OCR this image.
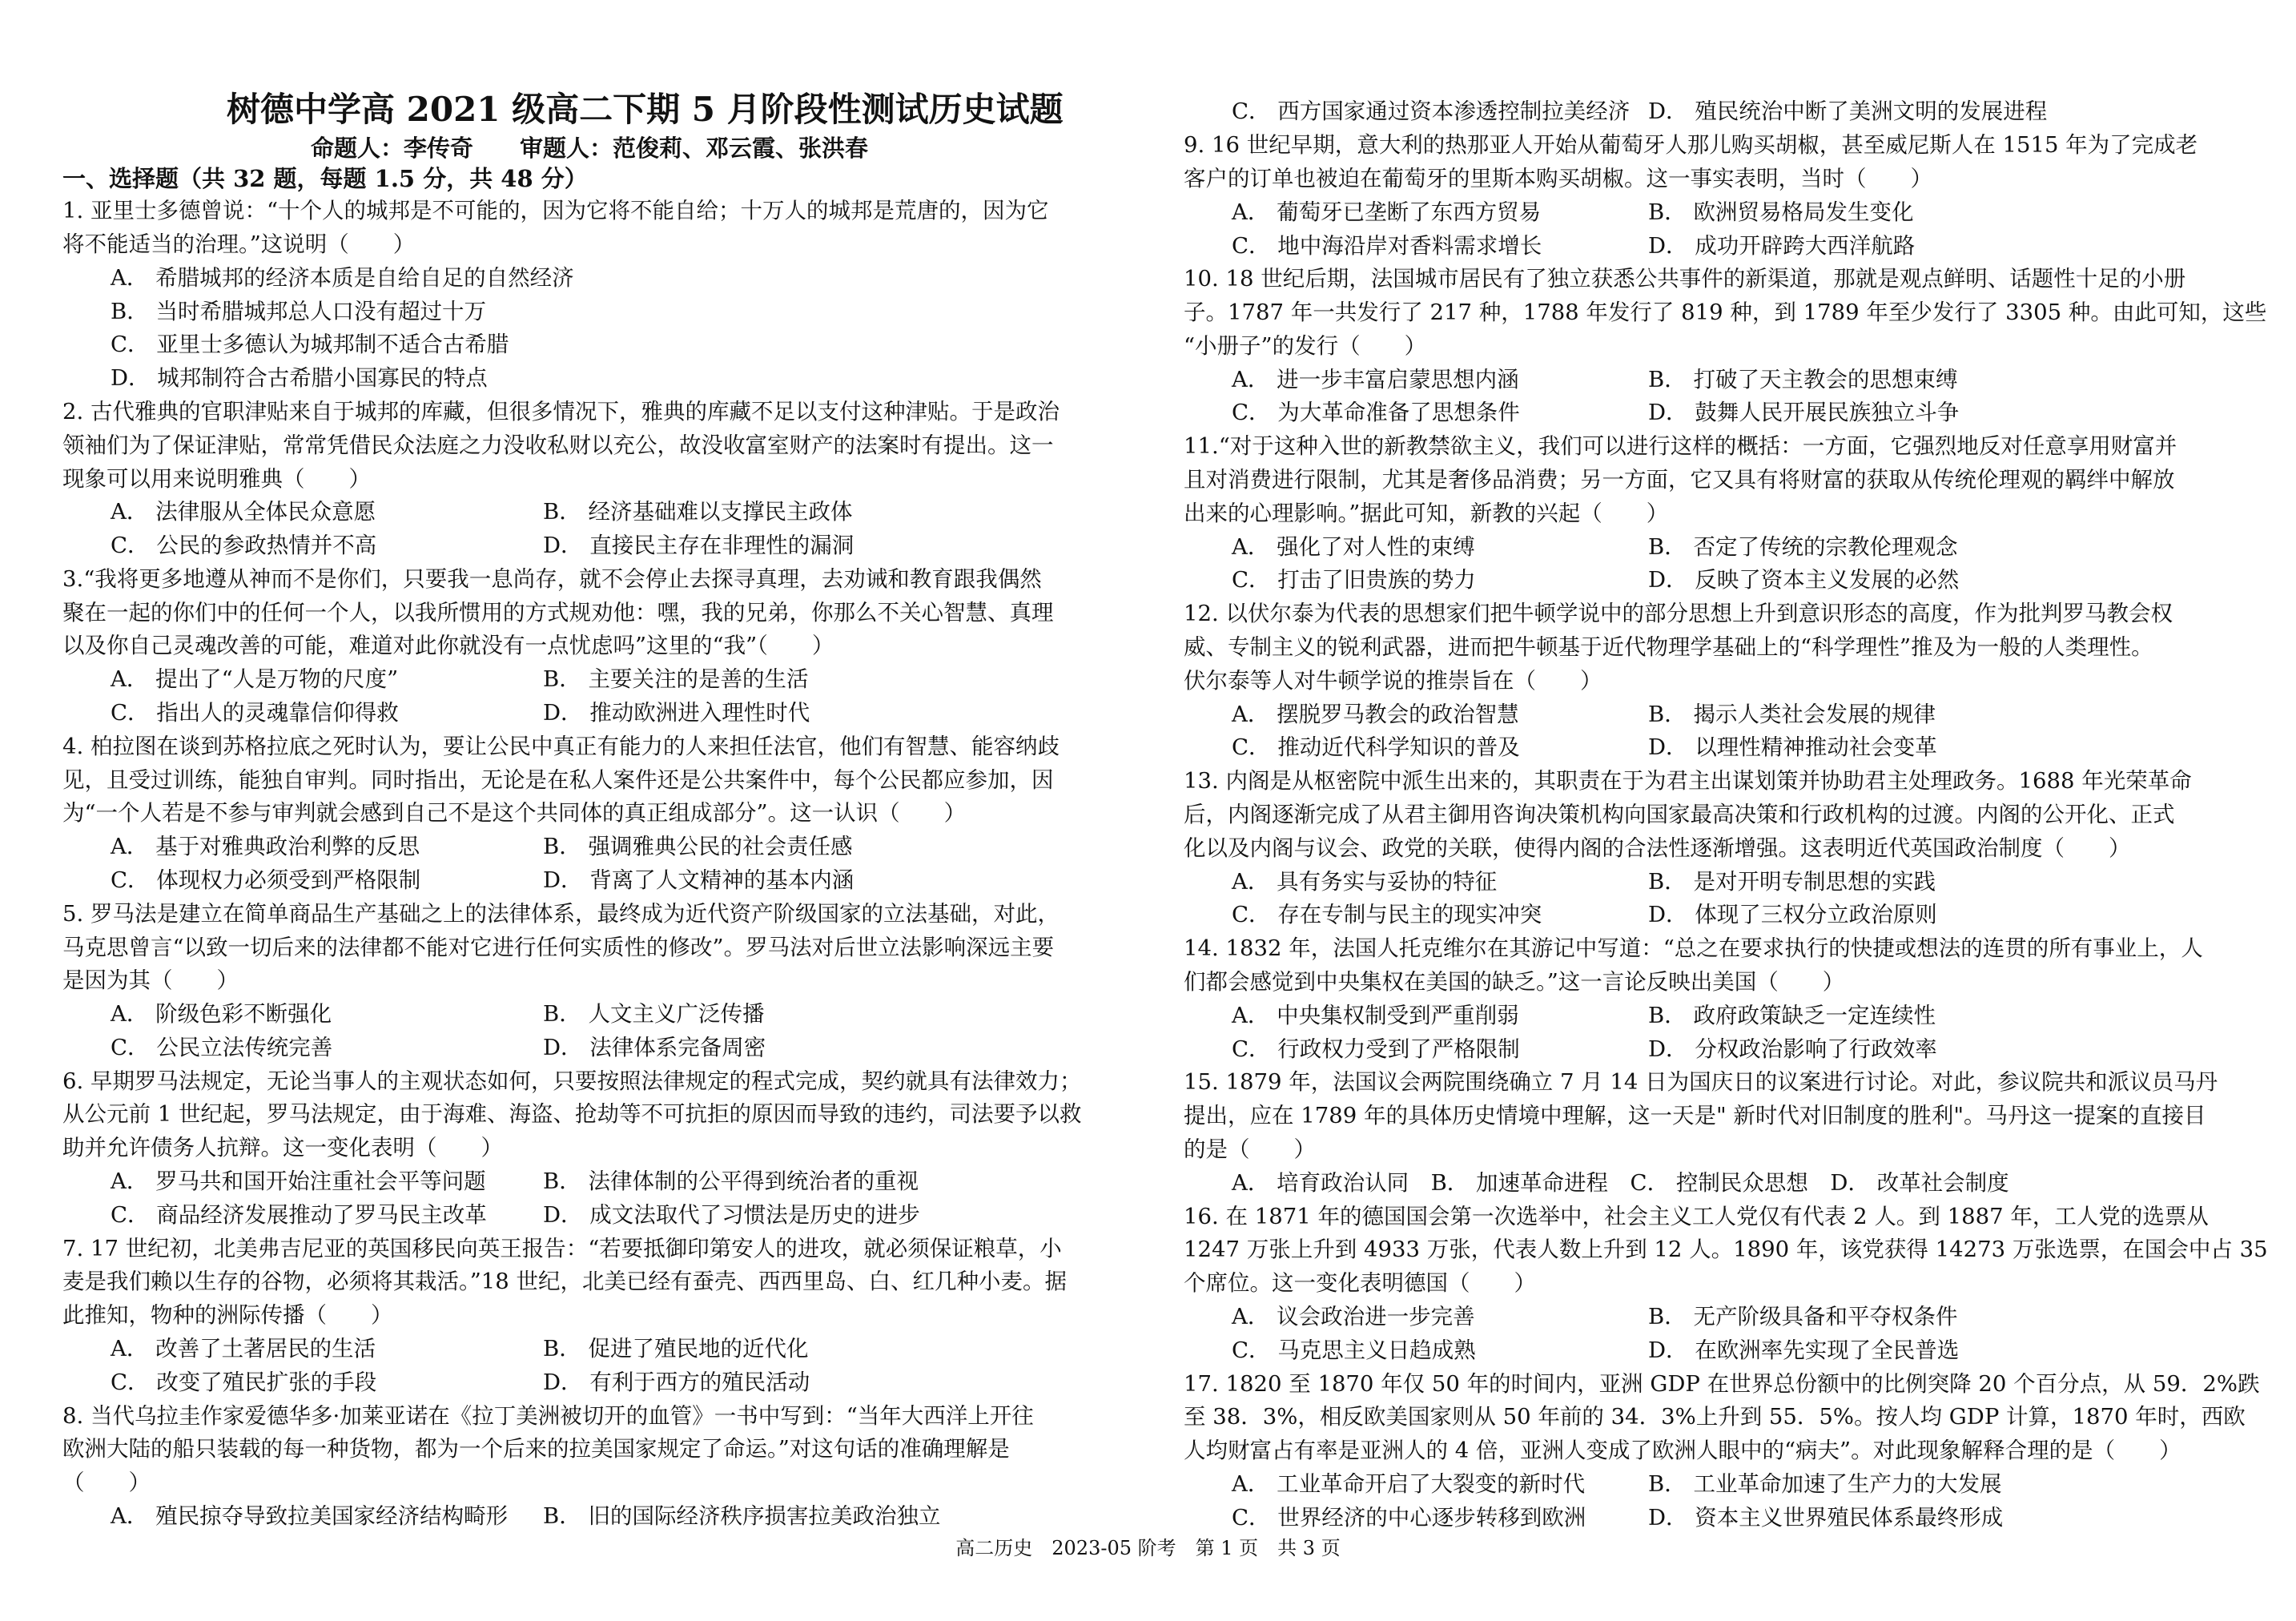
树德中学高 2021 级高二下期 5 月阶段性测试历史试题
命题人：李传奇　　审题人：范俊莉、邓云霞、张洪春
一、选择题（共 32 题，每题 1.5 分，共 48 分）
1. 亚里士多德曾说：“十个人的城邦是不可能的，因为它将不能自给；十万人的城邦是荒唐的，因为它
将不能适当的治理。”这说明（　　）
A． 希腊城邦的经济本质是自给自足的自然经济
B． 当时希腊城邦总人口没有超过十万
C． 亚里士多德认为城邦制不适合古希腊
D． 城邦制符合古希腊小国寡民的特点
2. 古代雅典的官职津贴来自于城邦的库藏，但很多情况下，雅典的库藏不足以支付这种津贴。于是政治
领袖们为了保证津贴，常常凭借民众法庭之力没收私财以充公，故没收富室财产的法案时有提出。这一
现象可以用来说明雅典（　　）
A． 法律服从全体民众意愿	B． 经济基础难以支撑民主政体
C． 公民的参政热情并不高	D． 直接民主存在非理性的漏洞
3.“我将更多地遵从神而不是你们，只要我一息尚存，就不会停止去探寻真理，去劝诫和教育跟我偶然
聚在一起的你们中的任何一个人，以我所惯用的方式规劝他：嘿，我的兄弟，你那么不关心智慧、真理
以及你自己灵魂改善的可能，难道对此你就没有一点忧虑吗”这里的“我”（　　）
A． 提出了“人是万物的尺度”	B． 主要关注的是善的生活
C． 指出人的灵魂靠信仰得救	D． 推动欧洲进入理性时代
4. 柏拉图在谈到苏格拉底之死时认为，要让公民中真正有能力的人来担任法官，他们有智慧、能容纳歧
见，且受过训练，能独自审判。同时指出，无论是在私人案件还是公共案件中，每个公民都应参加，因
为“一个人若是不参与审判就会感到自己不是这个共同体的真正组成部分”。这一认识（　　）
A． 基于对雅典政治利弊的反思	B． 强调雅典公民的社会责任感
C． 体现权力必须受到严格限制	D． 背离了人文精神的基本内涵
5. 罗马法是建立在简单商品生产基础之上的法律体系，最终成为近代资产阶级国家的立法基础，对此，
马克思曾言“以致一切后来的法律都不能对它进行任何实质性的修改”。罗马法对后世立法影响深远主要
是因为其（　　）
A． 阶级色彩不断强化	B． 人文主义广泛传播
C． 公民立法传统完善	D． 法律体系完备周密
6. 早期罗马法规定，无论当事人的主观状态如何，只要按照法律规定的程式完成，契约就具有法律效力；
从公元前 1 世纪起，罗马法规定，由于海难、海盗、抢劫等不可抗拒的原因而导致的违约，司法要予以救
助并允许债务人抗辩。这一变化表明（　　）
A． 罗马共和国开始注重社会平等问题	B． 法律体制的公平得到统治者的重视
C． 商品经济发展推动了罗马民主改革	D． 成文法取代了习惯法是历史的进步
7. 17 世纪初，北美弗吉尼亚的英国移民向英王报告：“若要抵御印第安人的进攻，就必须保证粮草，小
麦是我们赖以生存的谷物，必须将其栽活。”18 世纪，北美已经有蚕壳、西西里岛、白、红几种小麦。据
此推知，物种的洲际传播（　　）
A． 改善了土著居民的生活	B． 促进了殖民地的近代化
C． 改变了殖民扩张的手段	D． 有利于西方的殖民活动
8. 当代乌拉圭作家爱德华多·加莱亚诺在《拉丁美洲被切开的血管》一书中写到：“当年大西洋上开往
欧洲大陆的船只装载的每一种货物，都为一个后来的拉美国家规定了命运。”对这句话的准确理解是
（　　）
A． 殖民掠夺导致拉美国家经济结构畸形 B． 旧的国际经济秩序损害拉美政治独立
C． 西方国家通过资本渗透控制拉美经济 D． 殖民统治中断了美洲文明的发展进程
9. 16 世纪早期，意大利的热那亚人开始从葡萄牙人那儿购买胡椒，甚至威尼斯人在 1515 年为了完成老
客户的订单也被迫在葡萄牙的里斯本购买胡椒。这一事实表明，当时（　　）
A． 葡萄牙已垄断了东西方贸易	B． 欧洲贸易格局发生变化
C． 地中海沿岸对香料需求增长	D． 成功开辟跨大西洋航路
10. 18 世纪后期，法国城市居民有了独立获悉公共事件的新渠道，那就是观点鲜明、话题性十足的小册
子。1787 年一共发行了 217 种，1788 年发行了 819 种，到 1789 年至少发行了 3305 种。由此可知，这些
“小册子”的发行（　　）
A． 进一步丰富启蒙思想内涵	B． 打破了天主教会的思想束缚
C． 为大革命准备了思想条件	D． 鼓舞人民开展民族独立斗争
11.“对于这种入世的新教禁欲主义，我们可以进行这样的概括：一方面，它强烈地反对任意享用财富并
且对消费进行限制，尤其是奢侈品消费；另一方面，它又具有将财富的获取从传统伦理观的羁绊中解放
出来的心理影响。”据此可知，新教的兴起（　　）
A． 强化了对人性的束缚	B． 否定了传统的宗教伦理观念
C． 打击了旧贵族的势力	D． 反映了资本主义发展的必然
12. 以伏尔泰为代表的思想家们把牛顿学说中的部分思想上升到意识形态的高度，作为批判罗马教会权
威、专制主义的锐利武器，进而把牛顿基于近代物理学基础上的“科学理性”推及为一般的人类理性。
伏尔泰等人对牛顿学说的推崇旨在（　　）
A． 摆脱罗马教会的政治智慧	B． 揭示人类社会发展的规律
C． 推动近代科学知识的普及	D． 以理性精神推动社会变革
13. 内阁是从枢密院中派生出来的，其职责在于为君主出谋划策并协助君主处理政务。1688 年光荣革命
后，内阁逐渐完成了从君主御用咨询决策机构向国家最高决策和行政机构的过渡。内阁的公开化、正式
化以及内阁与议会、政党的关联，使得内阁的合法性逐渐增强。这表明近代英国政治制度（　　）
A． 具有务实与妥协的特征	B． 是对开明专制思想的实践
C． 存在专制与民主的现实冲突	D． 体现了三权分立政治原则
14. 1832 年，法国人托克维尔在其游记中写道：“总之在要求执行的快捷或想法的连贯的所有事业上，人
们都会感觉到中央集权在美国的缺乏。”这一言论反映出美国（　　）
A． 中央集权制受到严重削弱	B． 政府政策缺乏一定连续性
C． 行政权力受到了严格限制	D． 分权政治影响了行政效率
15. 1879 年，法国议会两院围绕确立 7 月 14 日为国庆日的议案进行讨论。对此，参议院共和派议员马丹
提出，应在 1789 年的具体历史情境中理解，这一天是" 新时代对旧制度的胜利"。马丹这一提案的直接目
的是（　　）
A． 培育政治认同　B． 加速革命进程　C． 控制民众思想　D． 改革社会制度
16. 在 1871 年的德国国会第一次选举中，社会主义工人党仅有代表 2 人。到 1887 年，工人党的选票从
1247 万张上升到 4933 万张，代表人数上升到 12 人。1890 年，该党获得 14273 万张选票，在国会中占 35
个席位。这一变化表明德国（　　）
A． 议会政治进一步完善	B． 无产阶级具备和平夺权条件
C． 马克思主义日趋成熟	D． 在欧洲率先实现了全民普选
17. 1820 至 1870 年仅 50 年的时间内，亚洲 GDP 在世界总份额中的比例突降 20 个百分点，从 59．2%跌
至 38．3%，相反欧美国家则从 50 年前的 34．3%上升到 55．5%。按人均 GDP 计算，1870 年时，西欧
人均财富占有率是亚洲人的 4 倍，亚洲人变成了欧洲人眼中的“病夫”。对此现象解释合理的是（　　）
A． 工业革命开启了大裂变的新时代	B． 工业革命加速了生产力的大发展
C． 世界经济的中心逐步转移到欧洲	D． 资本主义世界殖民体系最终形成
高二历史　2023-05 阶考　第 1 页　共 3 页
